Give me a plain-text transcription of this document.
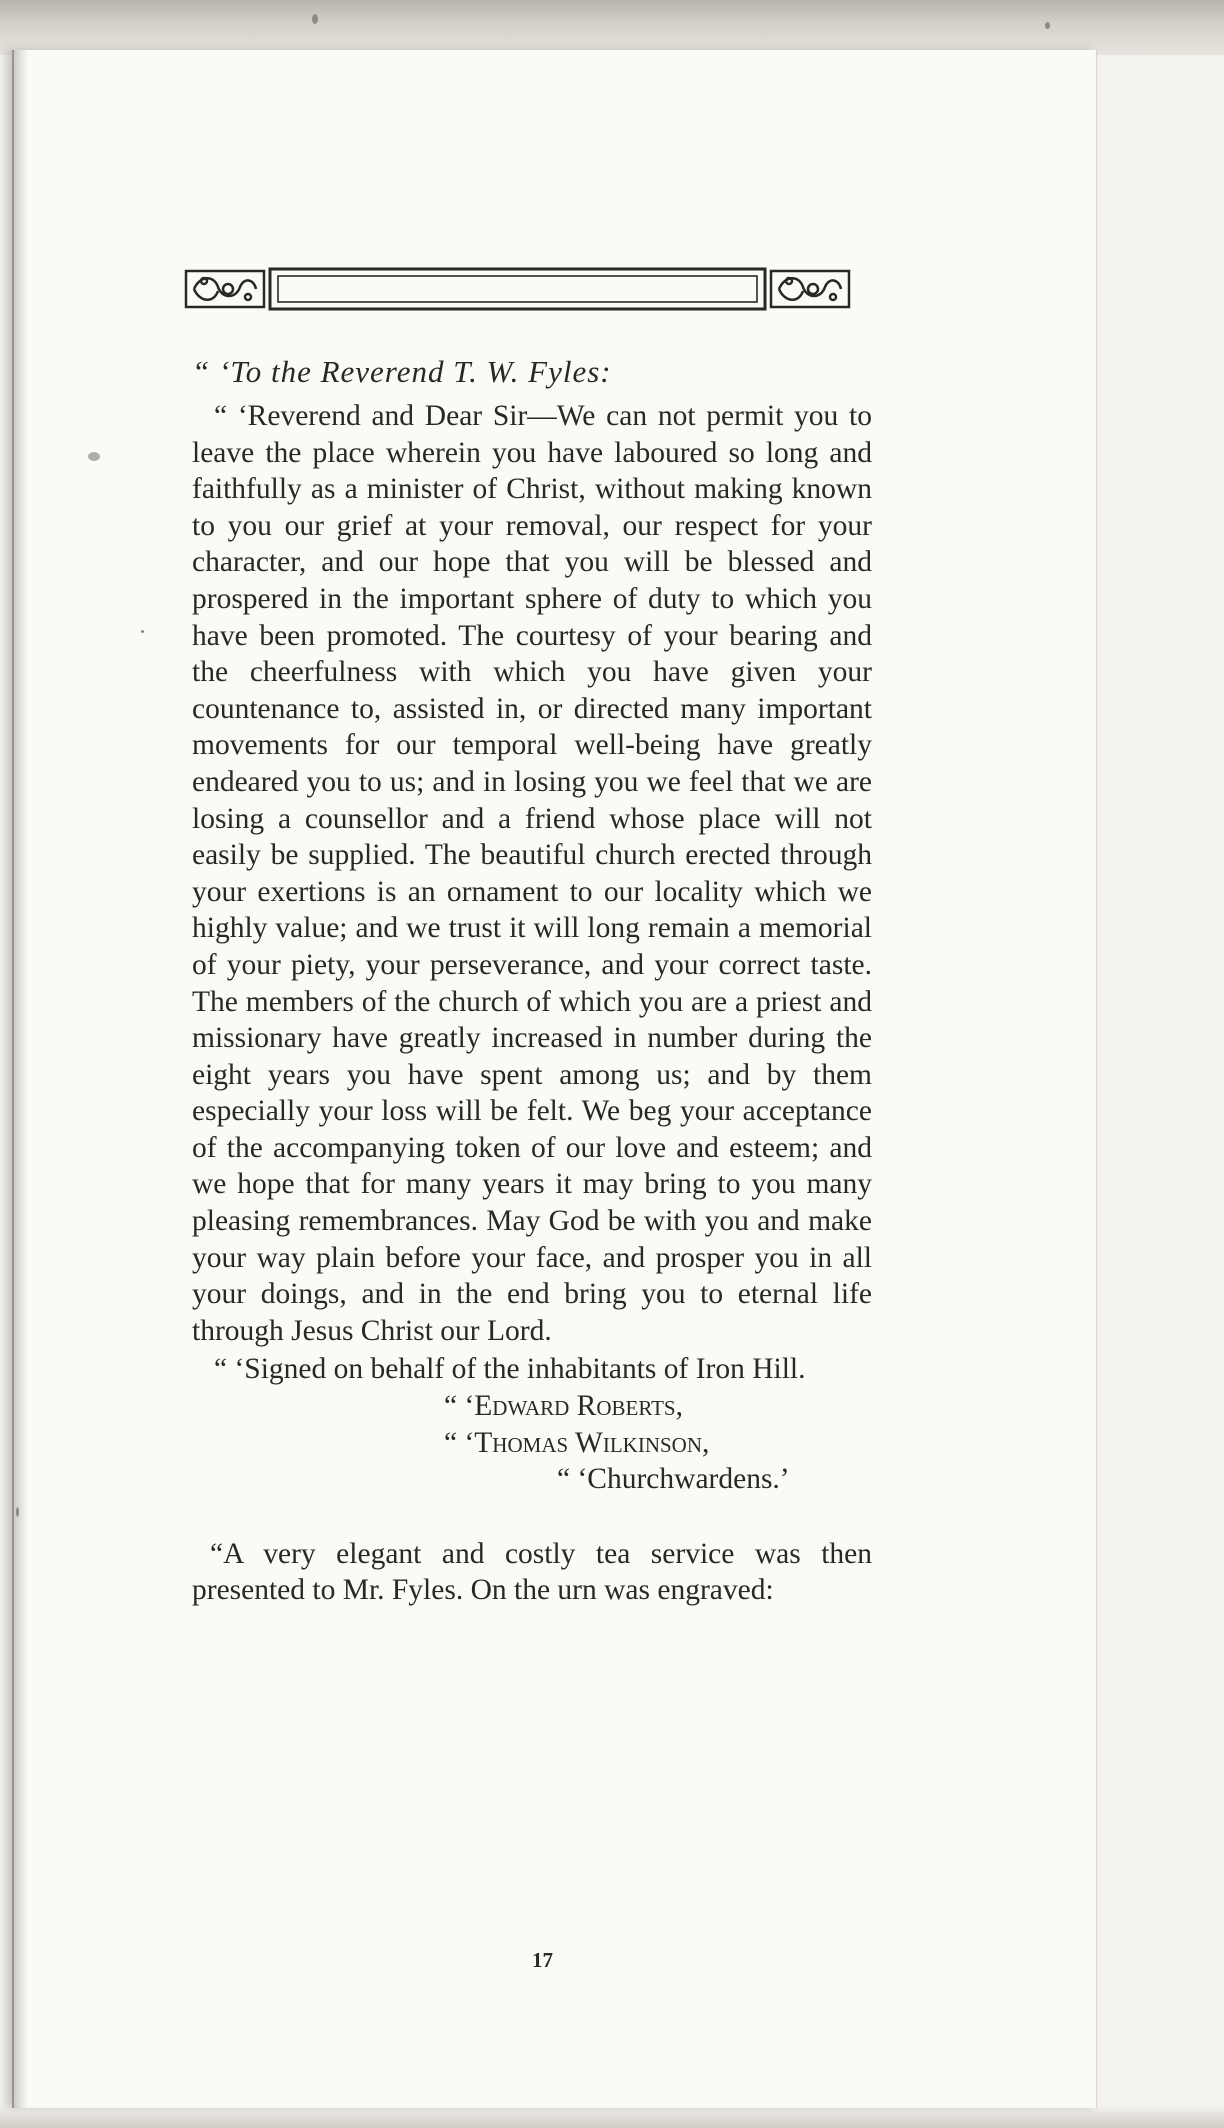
“ ‘To the Reverend T. W. Fyles:

“ ‘Reverend and Dear Sir—We can not permit you to leave the place wherein you have laboured so long and faithfully as a minister of Christ, without making known to you our grief at your removal, our respect for your character, and our hope that you will be blessed and prospered in the important sphere of duty to which you have been promoted. The courtesy of your bearing and the cheerfulness with which you have given your countenance to, assisted in, or directed many important movements for our temporal well-being have greatly endeared you to us; and in losing you we feel that we are losing a counsellor and a friend whose place will not easily be supplied. The beautiful church erected through your exertions is an ornament to our locality which we highly value; and we trust it will long remain a memorial of your piety, your perseverance, and your correct taste. The members of the church of which you are a priest and missionary have greatly increased in number during the eight years you have spent among us; and by them especially your loss will be felt. We beg your acceptance of the accompanying token of our love and esteem; and we hope that for many years it may bring to you many pleasing remembrances. May God be with you and make your way plain before your face, and prosper you in all your doings, and in the end bring you to eternal life through Jesus Christ our Lord.

“ ‘Signed on behalf of the inhabitants of Iron Hill.

“ ‘Edward Roberts,

“ ‘Thomas Wilkinson,

“ ‘Churchwardens.’

“A very elegant and costly tea service was then presented to Mr. Fyles. On the urn was engraved:

17
